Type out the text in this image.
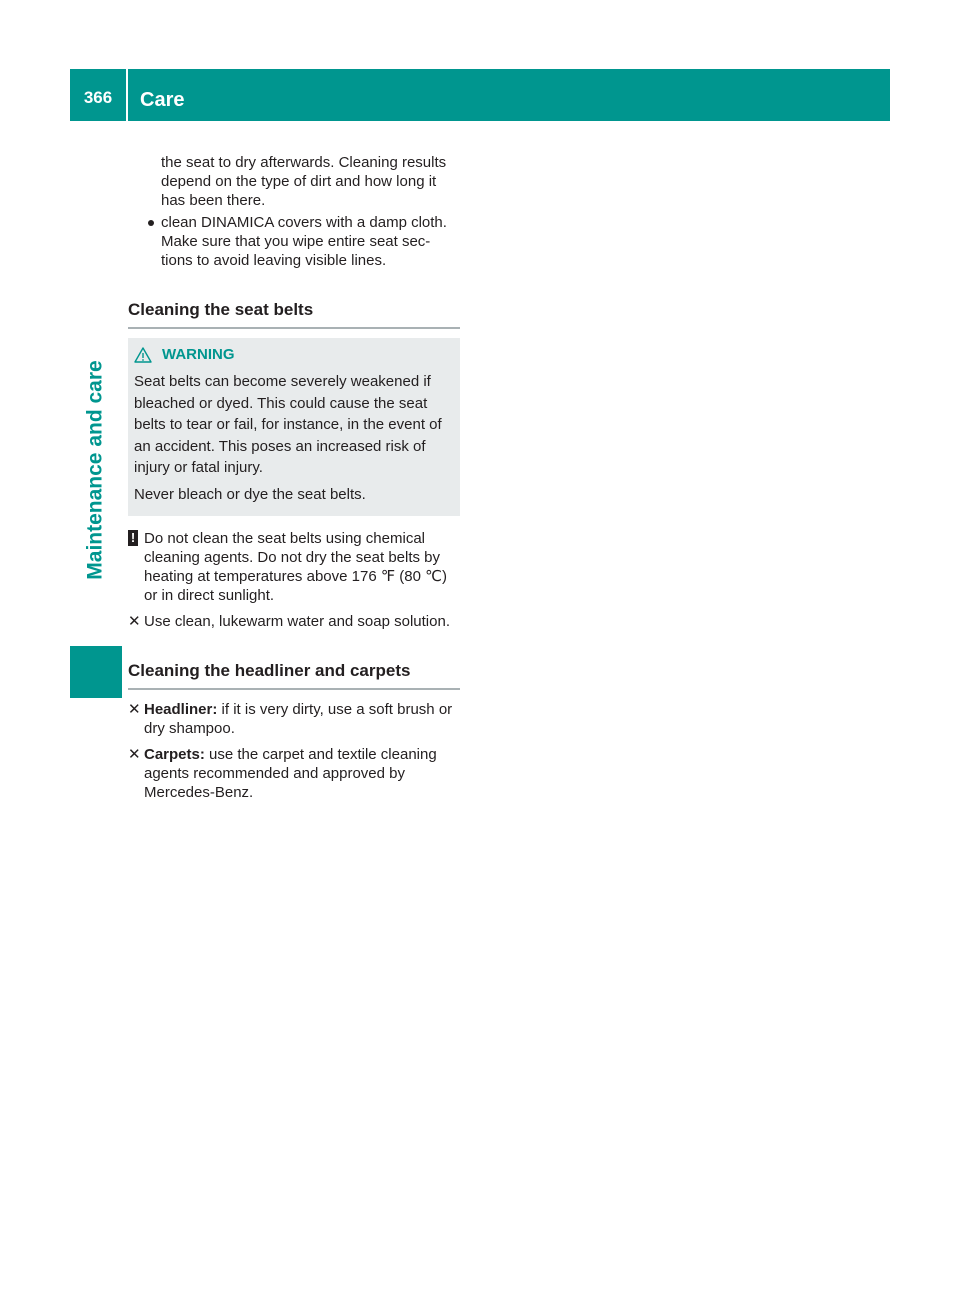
366	Care
Maintenance and care

the seat to dry afterwards. Cleaning results depend on the type of dirt and how long it has been there.

clean DINAMICA covers with a damp cloth. Make sure that you wipe entire seat sec-tions to avoid leaving visible lines.
Cleaning the seat belts
WARNING

Seat belts can become severely weakened if bleached or dyed. This could cause the seat belts to tear or fail, for instance, in the event of an accident. This poses an increased risk of injury or fatal injury.

Never bleach or dye the seat belts.

! Do not clean the seat belts using chemical cleaning agents. Do not dry the seat belts by heating at temperatures above 176 ℉ (80 ℃) or in direct sunlight.
✕ Use clean, lukewarm water and soap solution.
Cleaning the headliner and carpets
✕ Headliner: if it is very dirty, use a soft brush or dry shampoo.
✕ Carpets: use the carpet and textile cleaning agents recommended and approved by Mercedes-Benz.
